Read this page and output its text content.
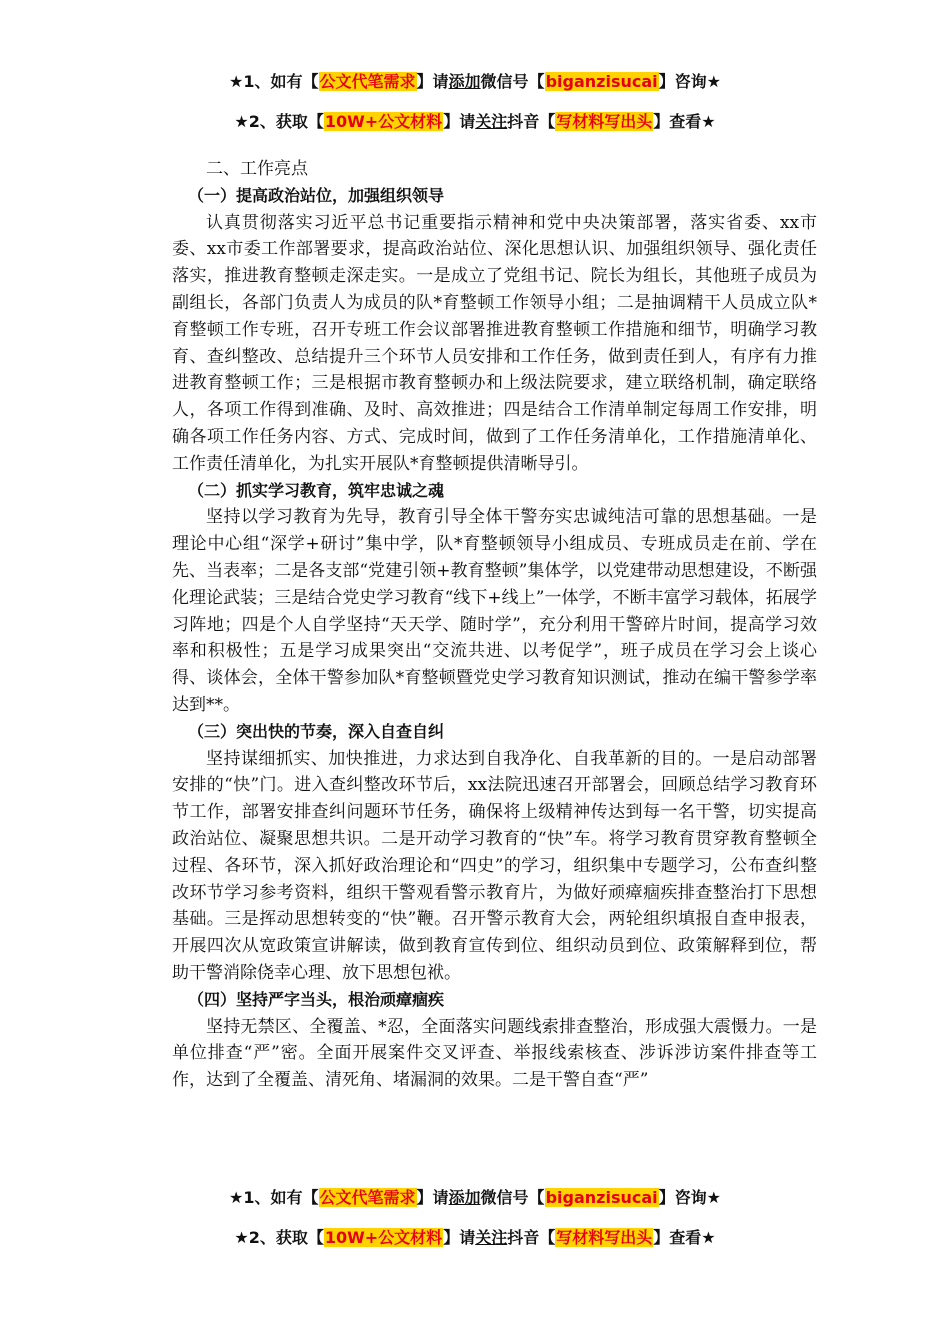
★1、如有【公文代笔需求】请添加微信号【biganzisucai】咨询★
★2、获取【10W+公文材料】请关注抖音【写材料写出头】查看★

二、工作亮点

（一）提高政治站位，加强组织领导

认真贯彻落实习近平总书记重要指示精神和党中央决策部署，落实省委、xx市委、xx市委工作部署要求，提高政治站位、深化思想认识、加强组织领导、强化责任落实，推进教育整顿走深走实。一是成立了党组书记、院长为组长，其他班子成员为副组长，各部门负责人为成员的队*育整顿工作领导小组；二是抽调精干人员成立队*育整顿工作专班，召开专班工作会议部署推进教育整顿工作措施和细节，明确学习教育、查纠整改、总结提升三个环节人员安排和工作任务，做到责任到人，有序有力推进教育整顿工作；三是根据市教育整顿办和上级法院要求，建立联络机制，确定联络人，各项工作得到准确、及时、高效推进；四是结合工作清单制定每周工作安排，明确各项工作任务内容、方式、完成时间，做到了工作任务清单化，工作措施清单化、工作责任清单化，为扎实开展队*育整顿提供清晰导引。

（二）抓实学习教育，筑牢忠诚之魂

坚持以学习教育为先导，教育引导全体干警夯实忠诚纯洁可靠的思想基础。一是理论中心组“深学+研讨”集中学，队*育整顿领导小组成员、专班成员走在前、学在先、当表率；二是各支部“党建引领+教育整顿”集体学，以党建带动思想建设，不断强化理论武装；三是结合党史学习教育“线下+线上”一体学，不断丰富学习载体，拓展学习阵地；四是个人自学坚持“天天学、随时学”，充分利用干警碎片时间，提高学习效率和积极性；五是学习成果突出“交流共进、以考促学”，班子成员在学习会上谈心得、谈体会，全体干警参加队*育整顿暨党史学习教育知识测试，推动在编干警参学率达到**。

（三）突出快的节奏，深入自查自纠

坚持谋细抓实、加快推进，力求达到自我净化、自我革新的目的。一是启动部署安排的“快”门。进入查纠整改环节后，xx法院迅速召开部署会，回顾总结学习教育环节工作，部署安排查纠问题环节任务，确保将上级精神传达到每一名干警，切实提高政治站位、凝聚思想共识。二是开动学习教育的“快”车。将学习教育贯穿教育整顿全过程、各环节，深入抓好政治理论和“四史”的学习，组织集中专题学习，公布查纠整改环节学习参考资料，组织干警观看警示教育片，为做好顽瘴痼疾排查整治打下思想基础。三是挥动思想转变的“快”鞭。召开警示教育大会，两轮组织填报自查申报表，开展四次从宽政策宣讲解读，做到教育宣传到位、组织动员到位、政策解释到位，帮助干警消除侥幸心理、放下思想包袱。

（四）坚持严字当头，根治顽瘴痼疾

坚持无禁区、全覆盖、*忍，全面落实问题线索排查整治，形成强大震慑力。一是单位排查“严”密。全面开展案件交叉评查、举报线索核查、涉诉涉访案件排查等工作，达到了全覆盖、清死角、堵漏洞的效果。二是干警自查“严”

★1、如有【公文代笔需求】请添加微信号【biganzisucai】咨询★
★2、获取【10W+公文材料】请关注抖音【写材料写出头】查看★
